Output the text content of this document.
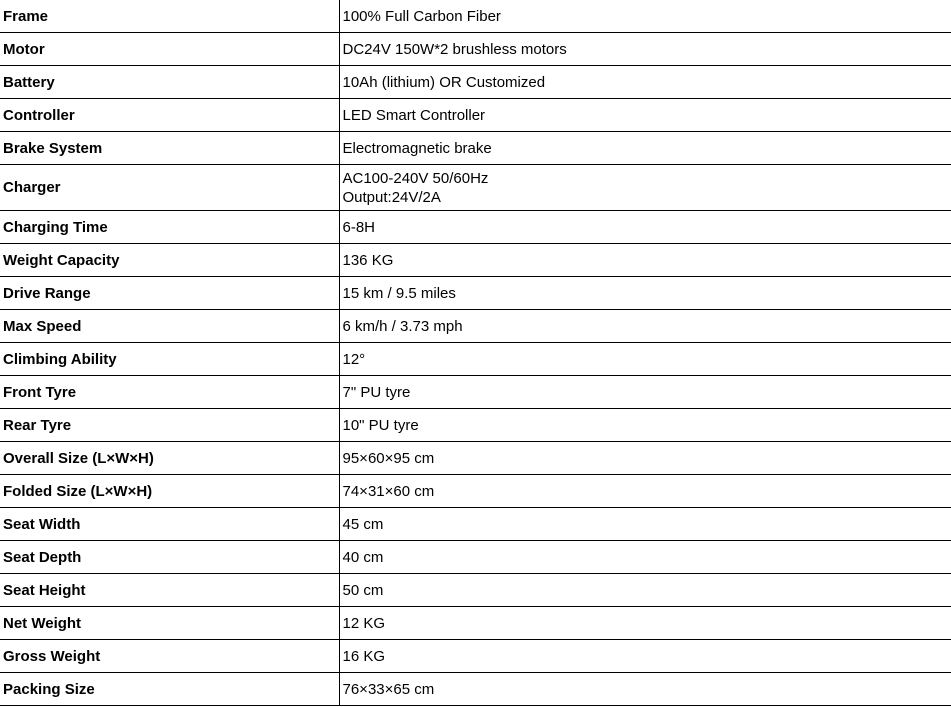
Frame	100% Full Carbon Fiber
Motor	DC24V 150W*2 brushless motors
Battery	10Ah (lithium) OR Customized
Controller	LED Smart Controller
Brake System	Electromagnetic brake
Charger	AC100-240V 50/60Hz
Output:24V/2A

Charging Time	6-8H
Weight Capacity	136 KG
Drive Range	15 km / 9.5 miles
Max Speed	6 km/h / 3.73 mph
Climbing Ability	12°
Front Tyre	7" PU tyre
Rear Tyre	10" PU tyre
Overall Size (L×W×H)	95×60×95 cm
Folded Size (L×W×H)	74×31×60 cm
Seat Width	45 cm
Seat Depth	40 cm
Seat Height	50 cm
Net Weight	12 KG
Gross Weight	16 KG
Packing Size	76×33×65 cm
